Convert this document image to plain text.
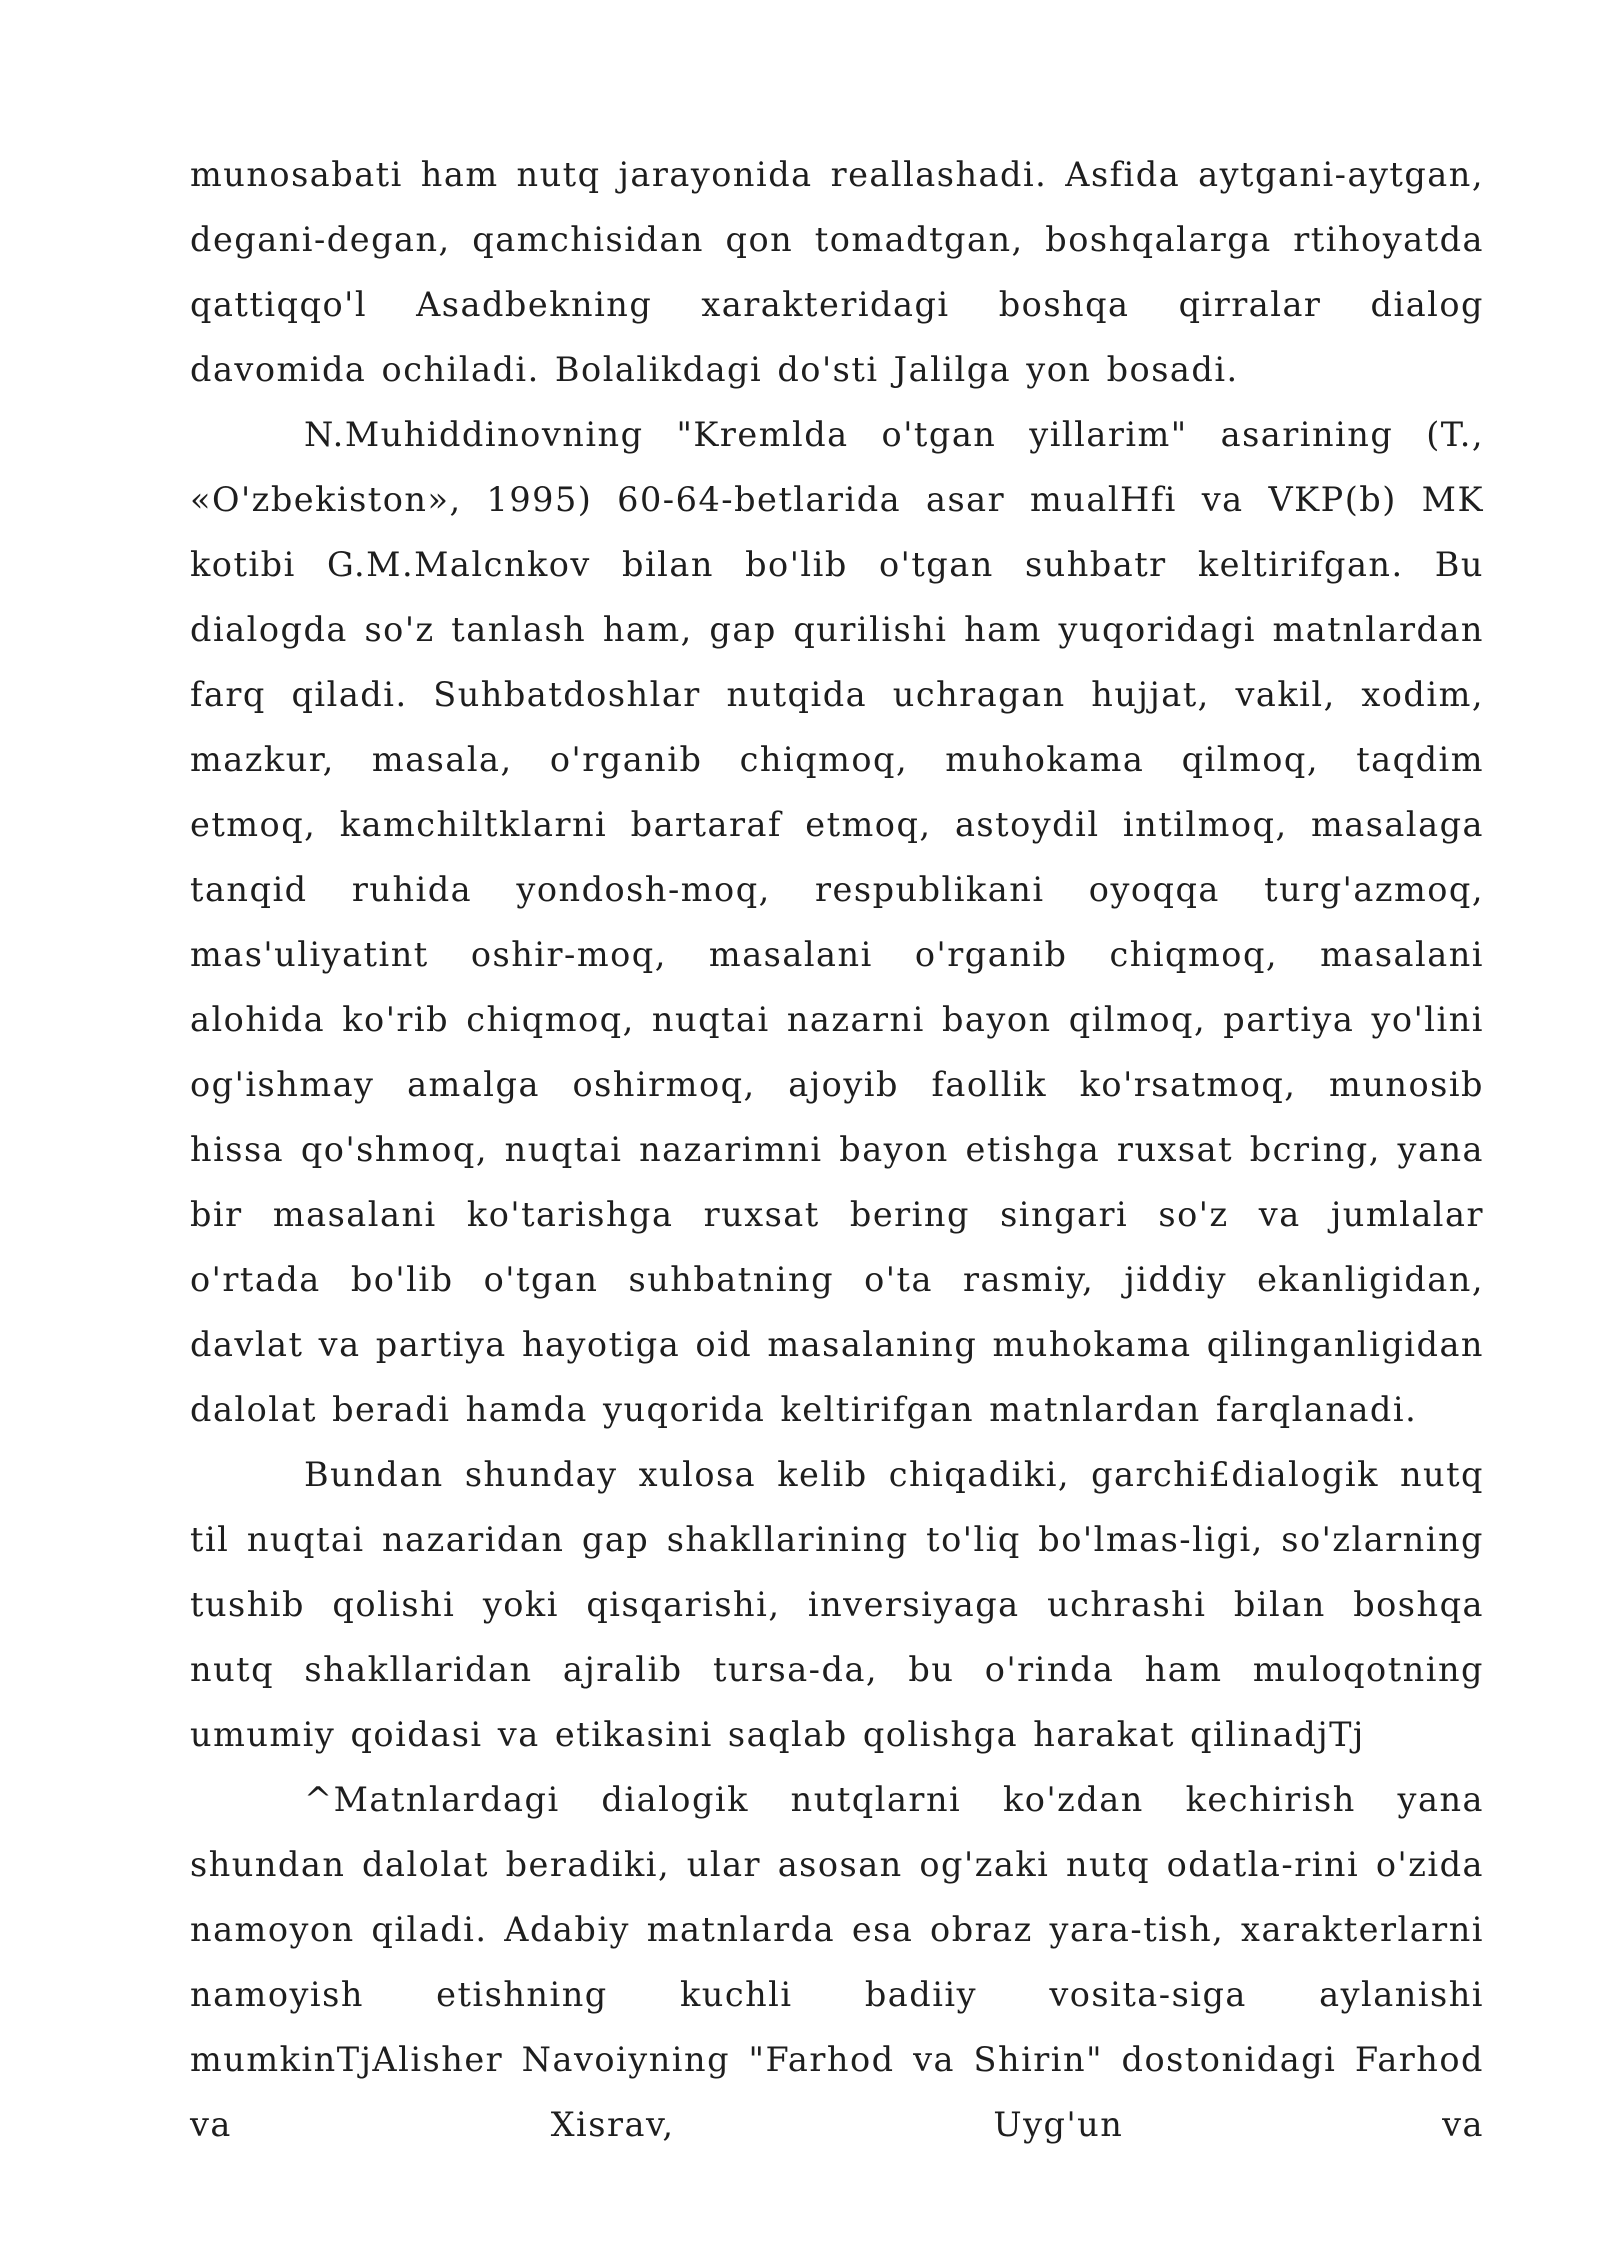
munosabati ham nutq jarayonida reallashadi. Asfida aytgani-aytgan, degani-degan, qamchisidan qon tomadtgan, boshqalarga rtihoyatda qattiqqo'l Asadbekning xarakteridagi boshqa qirralar dialog davomida ochiladi. Bolalikdagi do'sti Jalilga yon bosadi.

N.Muhiddinovning "Kremlda o'tgan yillarim" asarining (T., «O'zbekiston», 1995) 60-64-betlarida asar mualHfi va VKP(b) MK kotibi G.M.Malcnkov bilan bo'lib o'tgan suhbatr keltirifgan. Bu dialogda so'z tanlash ham, gap qurilishi ham yuqoridagi matnlardan farq qiladi. Suhbatdoshlar nutqida uchragan hujjat, vakil, xodim, mazkur, masala, o'rganib chiqmoq, muhokama qilmoq, taqdim etmoq, kamchiltklarni bartaraf etmoq, astoydil intilmoq, masalaga tanqid ruhida yondosh-moq, respublikani oyoqqa turg'azmoq, mas'uliyatint oshir-moq, masalani o'rganib chiqmoq, masalani alohida ko'rib chiqmoq, nuqtai nazarni bayon qilmoq, partiya yo'lini og'ishmay amalga oshirmoq, ajoyib faollik ko'rsatmoq, munosib hissa qo'shmoq, nuqtai nazarimni bayon etishga ruxsat bcring, yana bir masalani ko'tarishga ruxsat bering singari so'z va jumlalar o'rtada bo'lib o'tgan suhbatning o'ta rasmiy, jiddiy ekanligidan, davlat va partiya hayotiga oid masalaning muhokama qilinganligidan dalolat beradi hamda yuqorida keltirifgan matnlardan farqlanadi.

Bundan shunday xulosa kelib chiqadiki, garchi£dialogik nutq til nuqtai nazaridan gap shakllarining to'liq bo'lmas-ligi, so'zlarning tushib qolishi yoki qisqarishi, inversiyaga uchrashi bilan boshqa nutq shakllaridan ajralib tursa-da, bu o'rinda ham muloqotning umumiy qoidasi va etikasini saqlab qolishga harakat qilinadjTj

^Matnlardagi dialogik nutqlarni ko'zdan kechirish yana shundan dalolat beradiki, ular asosan og'zaki nutq odatla-rini o'zida namoyon qiladi. Adabiy matnlarda esa obraz yara-tish, xarakterlarni namoyish etishning kuchli badiiy vosita-siga aylanishi mumkinTjAlisher Navoiyning "Farhod va Shirin" dostonidagi Farhod va Xisrav, Uyg'un va
